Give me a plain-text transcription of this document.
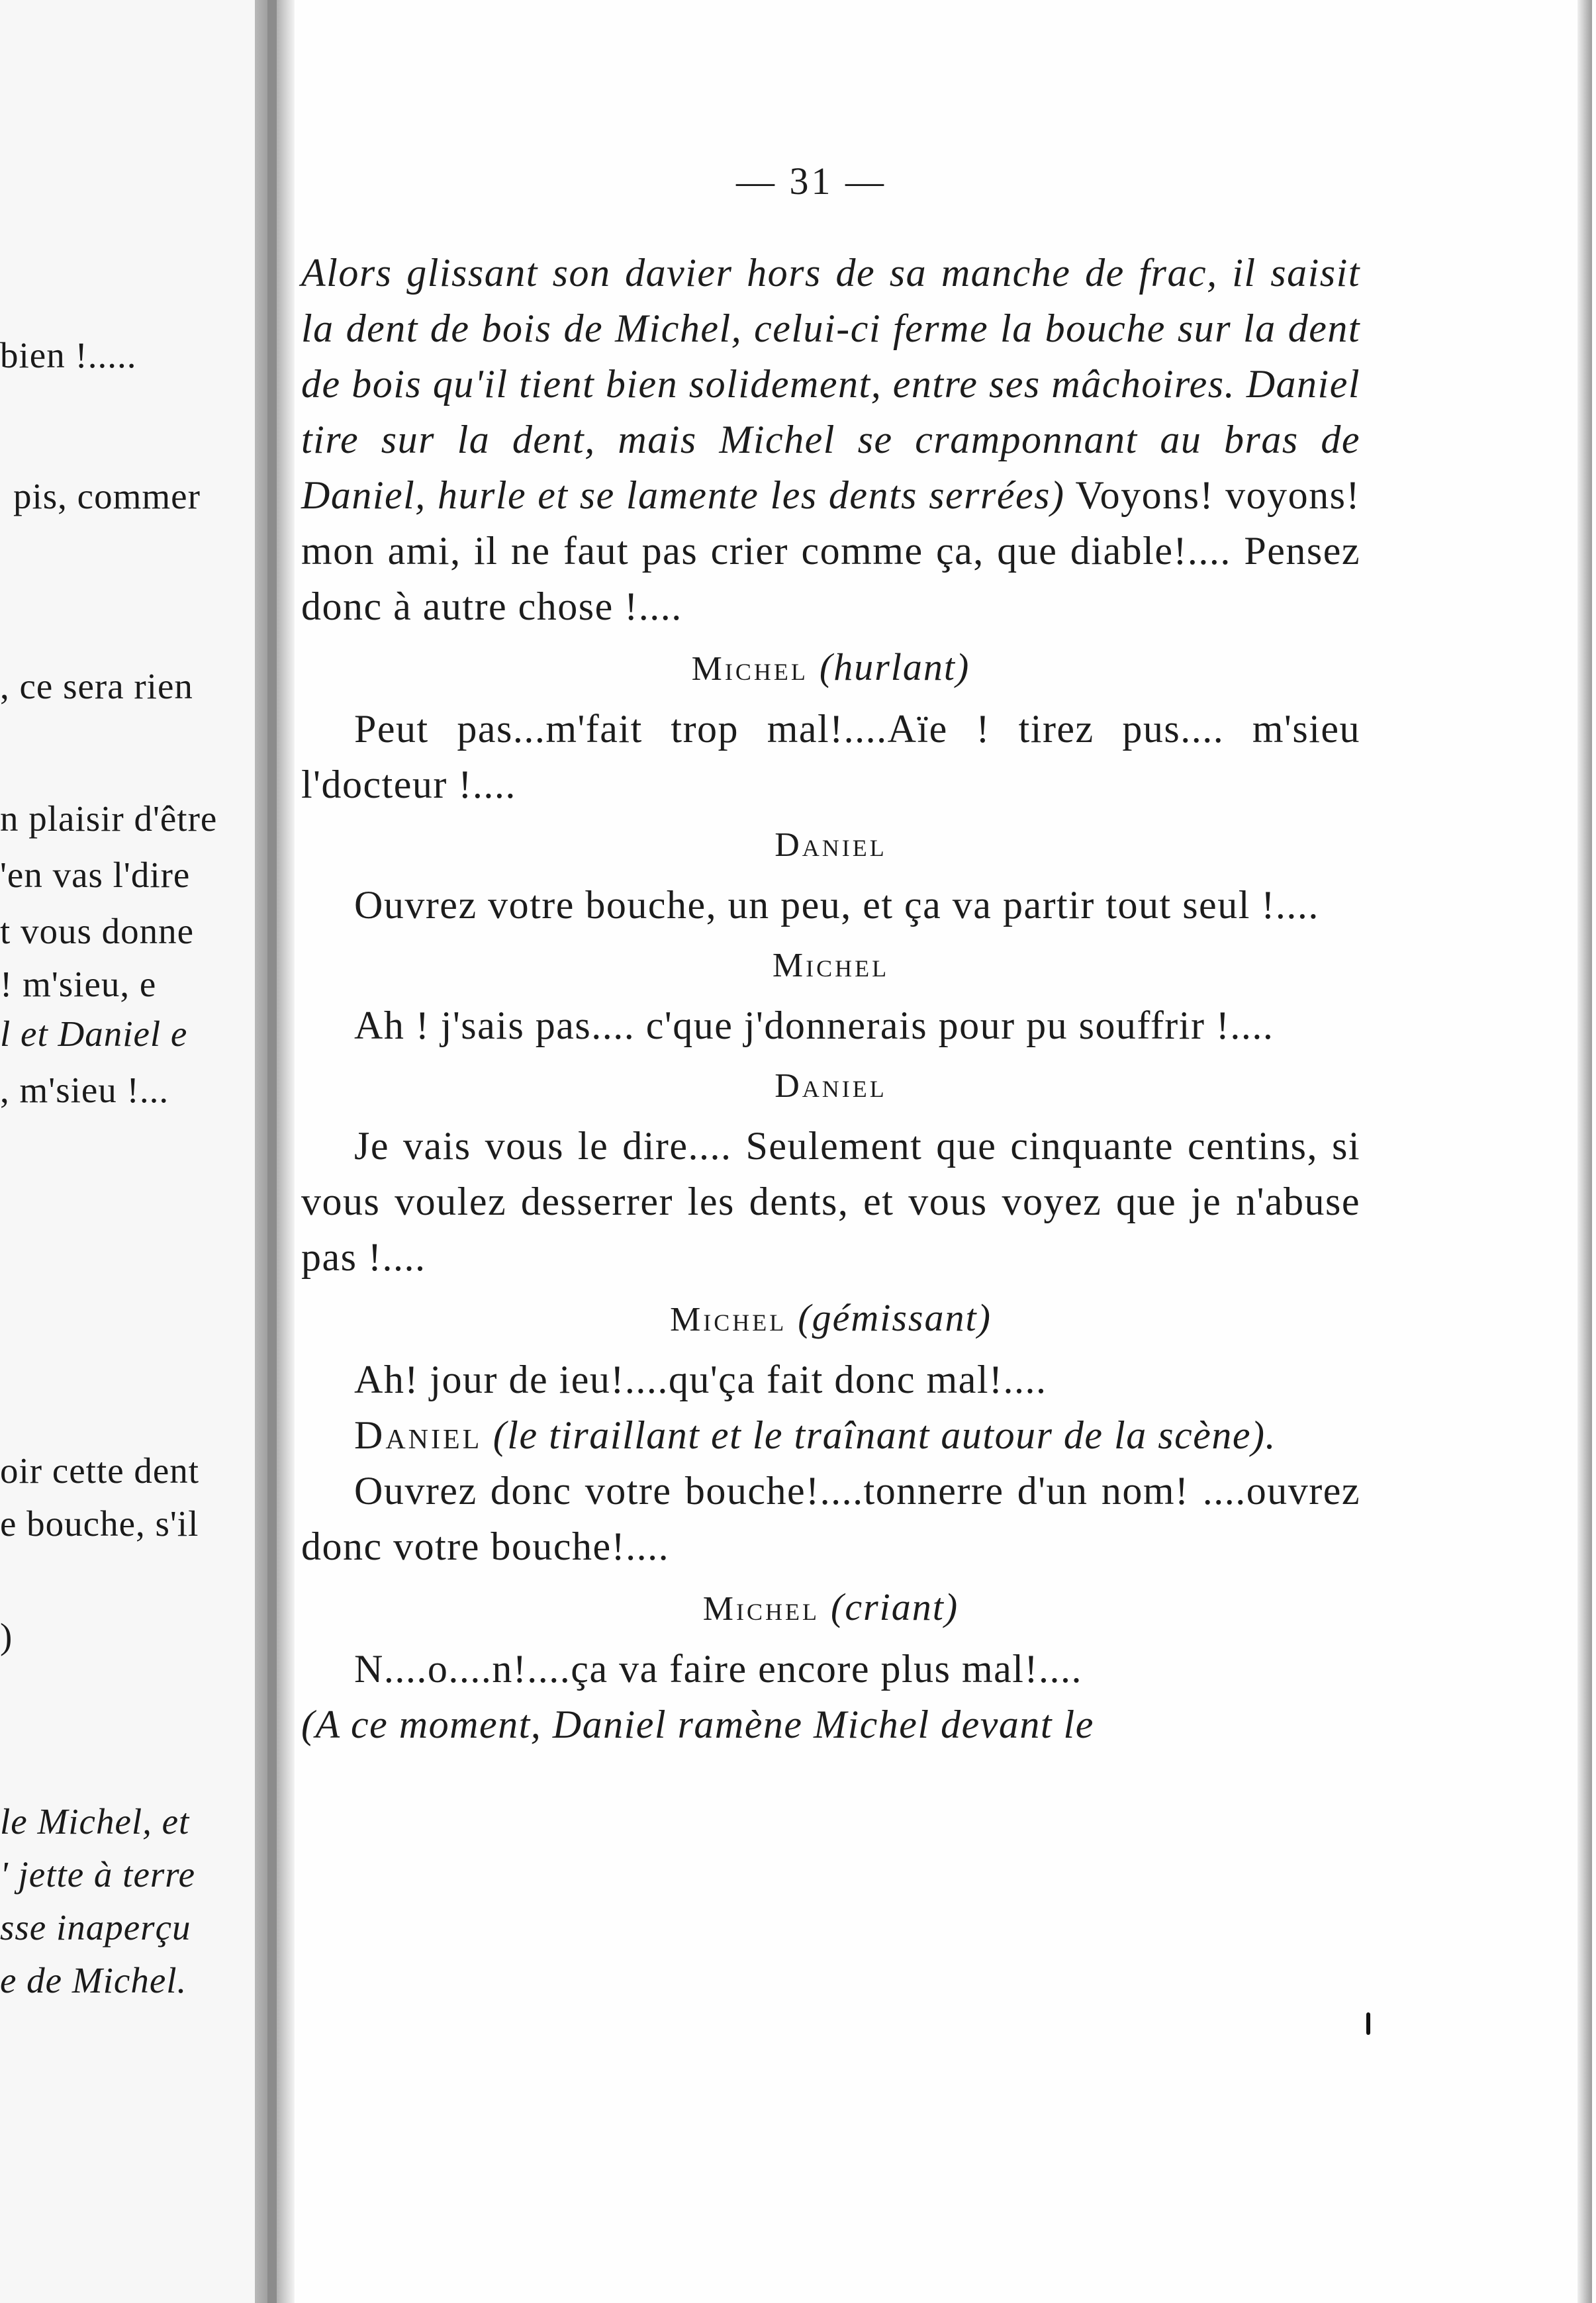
bien !.....
pis, commer
, ce sera rien
n plaisir d'être
'en vas l'dire
t vous donne
! m'sieu, e
l et Daniel e
, m'sieu !...
oir cette dent
e bouche, s'il
)
le Michel, et
' jette à terre
sse inaperçu
e de Michel.
— 31 —

Alors glissant son davier hors de sa manche de frac, il saisit la dent de bois de Michel, celui-ci ferme la bouche sur la dent de bois qu'il tient bien solidement, entre ses mâchoires. Daniel tire sur la dent, mais Michel se cramponnant au bras de Daniel, hurle et se lamente les dents serrées) Voyons! voyons! mon ami, il ne faut pas crier comme ça, que diable!.... Pensez donc à autre chose !....

Michel (hurlant)

Peut pas...m'fait trop mal!....Aïe ! tirez pus.... m'sieu l'docteur !....

Daniel

Ouvrez votre bouche, un peu, et ça va partir tout seul !....

Michel

Ah ! j'sais pas.... c'que j'donnerais pour pu souffrir !....

Daniel

Je vais vous le dire.... Seulement que cinquante centins, si vous voulez desserrer les dents, et vous voyez que je n'abuse pas !....

Michel (gémissant)

Ah! jour de ieu!....qu'ça fait donc mal!....

Daniel (le tiraillant et le traînant autour de la scène).

Ouvrez donc votre bouche!....tonnerre d'un nom! ....ouvrez donc votre bouche!....

Michel (criant)

N....o....n!....ça va faire encore plus mal!....

(A ce moment, Daniel ramène Michel devant le
